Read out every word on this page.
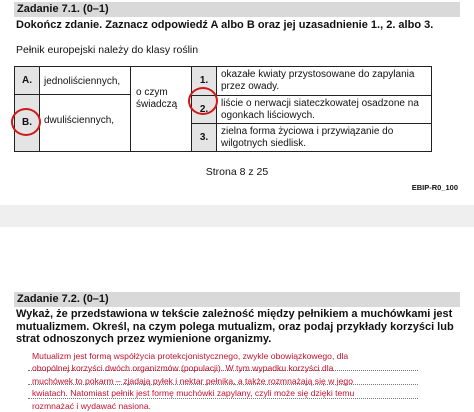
Zadanie 7.1. (0–1)
Dokończ zdanie. Zaznacz odpowiedź A albo B oraz jej uzasadnienie 1., 2. albo 3.
Pełnik europejski należy do klasy roślin
A.	jednoliściennych,
B.	dwuliściennych,
o czym świadczą
1.
okazałe kwiaty przystosowane do zapylania przez owady.
2.
liście o nerwacji siateczkowatej osadzone na ogonkach liściowych.
3.
zielna forma życiowa i przywiązanie do wilgotnych siedlisk.
Strona 8 z 25
EBIP-R0_100
Zadanie 7.2. (0–1)
Wykaż, że przedstawiona w tekście zależność między pełnikiem a muchówkami jest mutualizmem. Określ, na czym polega mutualizm, oraz podaj przykłady korzyści lub strat odnoszonych przez wymienione organizmy.
Mutualizm jest formą współżycia protekcjonistycznego, zwykle obowiązkowego, dla
obopólnej korzyści dwóch organizmów (populacji). W tym wypadku korzyści dla
muchówek to pokarm – zjadają pyłek i nektar pełnika, a także rozmnażają się w jego
kwiatach. Natomiast pełnik jest formę muchówki zapylany, czyli może się dzięki temu
rozmnażać i wydawać nasiona.
